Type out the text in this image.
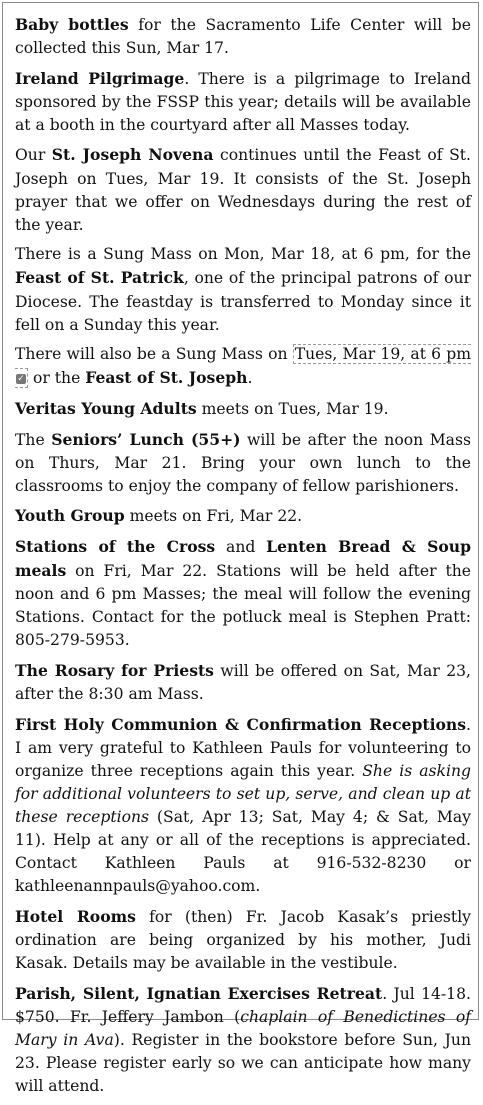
Baby bottles for the Sacramento Life Center will be collected this Sun, Mar 17.

Ireland Pilgrimage. There is a pilgrimage to Ireland sponsored by the FSSP this year; details will be available at a booth in the courtyard after all Masses today.

Our St. Joseph Novena continues until the Feast of St. Joseph on Tues, Mar 19. It consists of the St. Joseph prayer that we offer on Wednesdays during the rest of the year.

There is a Sung Mass on Mon, Mar 18, at 6 pm, for the Feast of St. Patrick, one of the principal patrons of our Diocese. The feastday is transferred to Monday since it fell on a Sunday this year.

There will also be a Sung Mass on Tues, Mar 19, at 6 pm✓ or the Feast of St. Joseph.

Veritas Young Adults meets on Tues, Mar 19.

The Seniors’ Lunch (55+) will be after the noon Mass on Thurs, Mar 21. Bring your own lunch to the classrooms to enjoy the company of fellow parishioners.

Youth Group meets on Fri, Mar 22.

Stations of the Cross and Lenten Bread & Soup meals on Fri, Mar 22. Stations will be held after the noon and 6 pm Masses; the meal will follow the evening Stations. Contact for the potluck meal is Stephen Pratt: 805-279-5953.

The Rosary for Priests will be offered on Sat, Mar 23, after the 8:30 am Mass.

First Holy Communion & Confirmation Receptions. I am very grateful to Kathleen Pauls for volunteering to organize three receptions again this year. She is asking for additional volunteers to set up, serve, and clean up at these receptions (Sat, Apr 13; Sat, May 4; & Sat, May 11). Help at any or all of the receptions is appreciated. Contact Kathleen Pauls at 916-532-8230 or kathleenannpauls@yahoo.com.

Hotel Rooms for (then) Fr. Jacob Kasak’s priestly ordination are being organized by his mother, Judi Kasak. Details may be available in the vestibule.

Parish, Silent, Ignatian Exercises Retreat. Jul 14-18. $750. Fr. Jeffery Jambon (chaplain of Benedictines of Mary in Ava). Register in the bookstore before Sun, Jun 23. Please register early so we can anticipate how many will attend.
